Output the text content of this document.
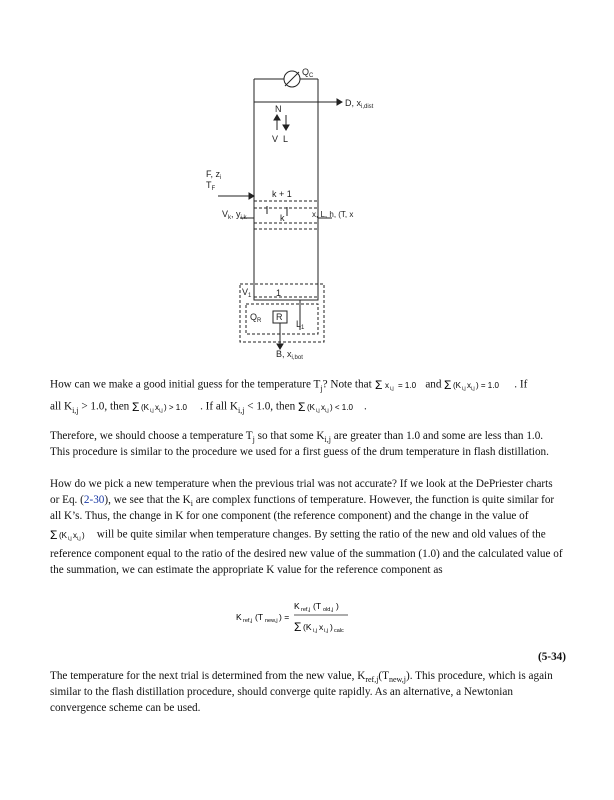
$Q_C$
N
D, $x_{i,dist}$
V L
F, $z_i$
$T_F$	k + 1
k
$V_k$, $y_{i,k}$	x, L, h, (T, x
1
$V_1$
$Q_R$ R
$L_1$
B, $x_{i,bot}$

How can we make a good initial guess for the temperature $T_j$? Note that Σ x i,j = 1.0 and Σ (K i,j x i,j ) = 1.0 . If
all $K_{i,j} > 1.0$, then Σ (K i,j x i,j ) > 1.0 . If all $K_{i,j} < 1.0$, then Σ (K i,j x i,j ) < 1.0 .

Therefore, we should choose a temperature $T_j$ so that some $K_{i,j}$ are greater than 1.0 and some are less than 1.0. This procedure is similar to the procedure we used for a first guess of the drum temperature in flash distillation.

How do we pick a new temperature when the previous trial was not accurate? If we look at the DePriester charts or Eq. (2-30), we see that the $K_i$ are complex functions of temperature. However, the function is quite similar for all K’s. Thus, the change in K for one component (the reference component) and the change in the value of
Σ (K i,j x i,j ) will be quite similar when temperature changes. By setting the ratio of the new and old values of the reference component equal to the ratio of the desired new value of the summation (1.0) and the calculated value of the summation, we can estimate the appropriate K value for the reference component as

K ref,j (T new,j ) =
K ref,j (T old,j )
Σ (K i,j x i,j ) calc
(5-34)

The temperature for the next trial is determined from the new value, $K_{ref,j}(T_{new,j})$. This procedure, which is again similar to the flash distillation procedure, should converge quite rapidly. As an alternative, a Newtonian convergence scheme can be used.
